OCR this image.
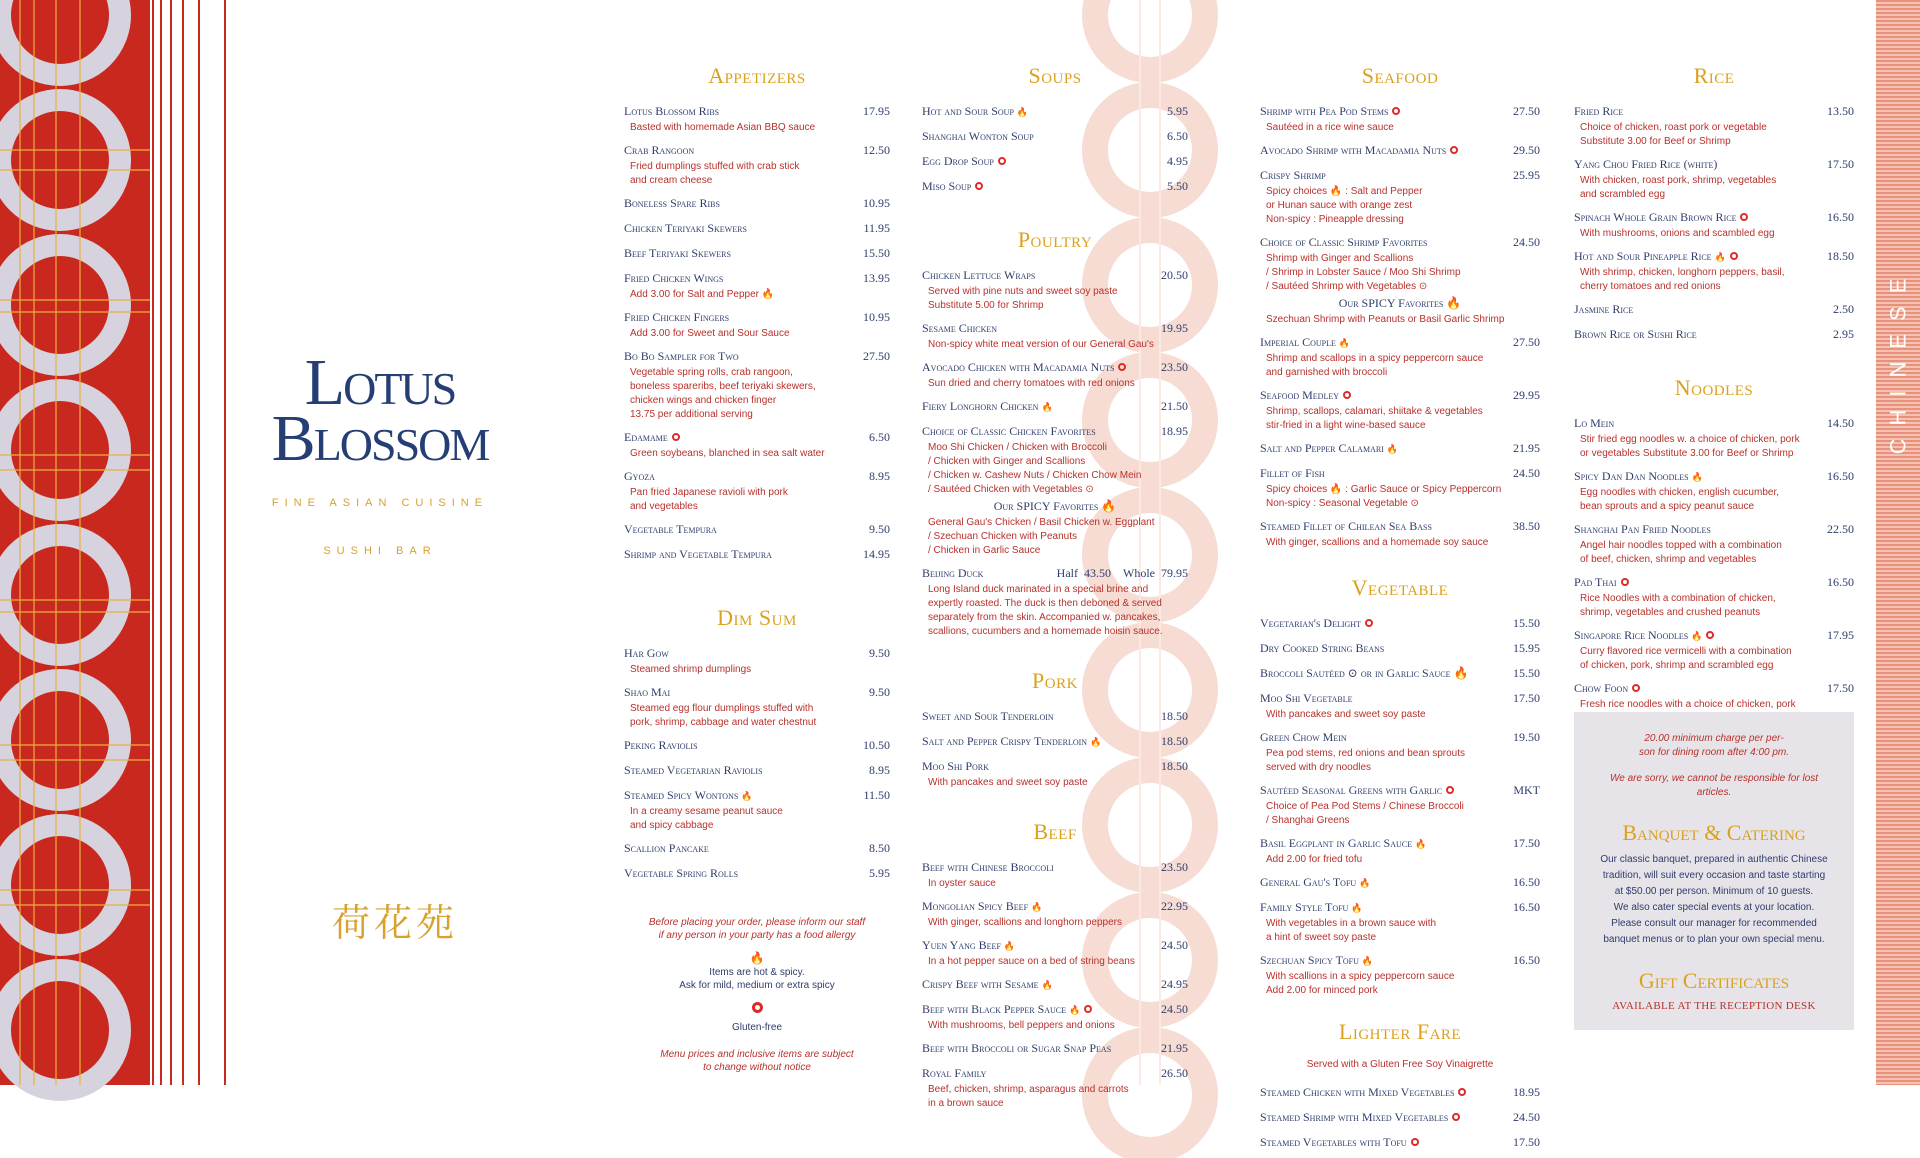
CHINESE
Lotus
Blossom
FINE ASIAN CUISINE
SUSHI BAR
荷花苑
Appetizers
Lotus Blossom Ribs	17.95
Basted with homemade Asian BBQ sauce
Crab Rangoon	12.50
Fried dumplings stuffed with crab stick
and cream cheese
Boneless Spare Ribs	10.95
Chicken Teriyaki Skewers	11.95
Beef Teriyaki Skewers	15.50
Fried Chicken Wings	13.95
Add 3.00 for Salt and Pepper 🔥
Fried Chicken Fingers	10.95
Add 3.00 for Sweet and Sour Sauce
Bo Bo Sampler for Two	27.50
Vegetable spring rolls, crab rangoon,
boneless spareribs, beef teriyaki skewers,
chicken wings and chicken finger
13.75 per additional serving
Edamame	6.50
Green soybeans, blanched in sea salt water
Gyoza	8.95
Pan fried Japanese ravioli with pork
and vegetables
Vegetable Tempura	9.50
Shrimp and Vegetable Tempura	14.95
Dim Sum
Har Gow	9.50
Steamed shrimp dumplings
Shao Mai	9.50
Steamed egg flour dumplings stuffed with
pork, shrimp, cabbage and water chestnut
Peking Raviolis	10.50
Steamed Vegetarian Raviolis	8.95
Steamed Spicy Wontons 🔥	11.50
In a creamy sesame peanut sauce
and spicy cabbage
Scallion Pancake	8.50
Vegetable Spring Rolls	5.95
Before placing your order, please inform our staff
if any person in your party has a food allergy
🔥
Items are hot & spicy.
Ask for mild, medium or extra spicy
Gluten-free
Menu prices and inclusive items are subject
to change without notice
Soups
Hot and Sour Soup 🔥	5.95
Shanghai Wonton Soup	6.50
Egg Drop Soup	4.95
Miso Soup	5.50
Poultry
Chicken Lettuce Wraps	20.50
Served with pine nuts and sweet soy paste
Substitute 5.00 for Shrimp
Sesame Chicken	19.95
Non-spicy white meat version of our General Gau's
Avocado Chicken with Macadamia Nuts	23.50
Sun dried and cherry tomatoes with red onions
Fiery Longhorn Chicken 🔥	21.50
Choice of Classic Chicken Favorites	18.95
Moo Shi Chicken / Chicken with Broccoli
/ Chicken with Ginger and Scallions
/ Chicken w. Cashew Nuts / Chicken Chow Mein
/ Sautéed Chicken with Vegetables ⊙
Our SPICY Favorites 🔥
General Gau's Chicken / Basil Chicken w. Eggplant
/ Szechuan Chicken with Peanuts
/ Chicken in Garlic Sauce
Beijing Duck	Half 43.50 Whole 79.95
Long Island duck marinated in a special brine and
expertly roasted. The duck is then deboned & served
separately from the skin. Accompanied w. pancakes,
scallions, cucumbers and a homemade hoisin sauce.
Pork
Sweet and Sour Tenderloin	18.50
Salt and Pepper Crispy Tenderloin 🔥	18.50
Moo Shi Pork	18.50
With pancakes and sweet soy paste
Beef
Beef with Chinese Broccoli	23.50
In oyster sauce
Mongolian Spicy Beef 🔥	22.95
With ginger, scallions and longhorn peppers
Yuen Yang Beef 🔥	24.50
In a hot pepper sauce on a bed of string beans
Crispy Beef with Sesame 🔥	24.95
Beef with Black Pepper Sauce 🔥	24.50
With mushrooms, bell peppers and onions
Beef with Broccoli or Sugar Snap Peas	21.95
Royal Family	26.50
Beef, chicken, shrimp, asparagus and carrots
in a brown sauce
Seafood
Shrimp with Pea Pod Stems	27.50
Sautéed in a rice wine sauce
Avocado Shrimp with Macadamia Nuts	29.50
Crispy Shrimp	25.95
Spicy choices 🔥 : Salt and Pepper
or Hunan sauce with orange zest
Non-spicy : Pineapple dressing
Choice of Classic Shrimp Favorites	24.50
Shrimp with Ginger and Scallions
/ Shrimp in Lobster Sauce / Moo Shi Shrimp
/ Sautéed Shrimp with Vegetables ⊙
Our SPICY Favorites 🔥
Szechuan Shrimp with Peanuts or Basil Garlic Shrimp
Imperial Couple 🔥	27.50
Shrimp and scallops in a spicy peppercorn sauce
and garnished with broccoli
Seafood Medley	29.95
Shrimp, scallops, calamari, shiitake & vegetables
stir-fried in a light wine-based sauce
Salt and Pepper Calamari 🔥	21.95
Fillet of Fish	24.50
Spicy choices 🔥 : Garlic Sauce or Spicy Peppercorn
Non-spicy : Seasonal Vegetable ⊙
Steamed Fillet of Chilean Sea Bass	38.50
With ginger, scallions and a homemade soy sauce
Vegetable
Vegetarian's Delight	15.50
Dry Cooked String Beans	15.95
Broccoli Sautéed ⊙ or in Garlic Sauce 🔥	15.50
Moo Shi Vegetable	17.50
With pancakes and sweet soy paste
Green Chow Mein	19.50
Pea pod stems, red onions and bean sprouts
served with dry noodles
Sautéed Seasonal Greens with Garlic	MKT
Choice of Pea Pod Stems / Chinese Broccoli
/ Shanghai Greens
Basil Eggplant in Garlic Sauce 🔥	17.50
Add 2.00 for fried tofu
General Gau's Tofu 🔥	16.50
Family Style Tofu 🔥	16.50
With vegetables in a brown sauce with
a hint of sweet soy paste
Szechuan Spicy Tofu 🔥	16.50
With scallions in a spicy peppercorn sauce
Add 2.00 for minced pork
Lighter Fare
Served with a Gluten Free Soy Vinaigrette
Steamed Chicken with Mixed Vegetables	18.95
Steamed Shrimp with Mixed Vegetables	24.50
Steamed Vegetables with Tofu	17.50
Rice
Fried Rice	13.50
Choice of chicken, roast pork or vegetable
Substitute 3.00 for Beef or Shrimp
Yang Chou Fried Rice (white)	17.50
With chicken, roast pork, shrimp, vegetables
and scrambled egg
Spinach Whole Grain Brown Rice	16.50
With mushrooms, onions and scambled egg
Hot and Sour Pineapple Rice 🔥	18.50
With shrimp, chicken, longhorn peppers, basil,
cherry tomatoes and red onions
Jasmine Rice	2.50
Brown Rice or Sushi Rice	2.95
Noodles
Lo Mein	14.50
Stir fried egg noodles w. a choice of chicken, pork
or vegetables Substitute 3.00 for Beef or Shrimp
Spicy Dan Dan Noodles 🔥	16.50
Egg noodles with chicken, english cucumber,
bean sprouts and a spicy peanut sauce
Shanghai Pan Fried Noodles	22.50
Angel hair noodles topped with a combination
of beef, chicken, shrimp and vegetables
Pad Thai	16.50
Rice Noodles with a combination of chicken,
shrimp, vegetables and crushed peanuts
Singapore Rice Noodles 🔥	17.95
Curry flavored rice vermicelli with a combination
of chicken, pork, shrimp and scrambled egg
Chow Foon	17.50
Fresh rice noodles with a choice of chicken, pork
20.00 minimum charge per per-
son for dining room after 4:00 pm.
We are sorry, we cannot be responsible for lost articles.
Banquet & Catering
Our classic banquet, prepared in authentic Chinese
tradition, will suit every occasion and taste starting
at $50.00 per person. Minimum of 10 guests.
We also cater special events at your location.
Please consult our manager for recommended
banquet menus or to plan your own special menu.
Gift Certificates
AVAILABLE AT THE RECEPTION DESK
